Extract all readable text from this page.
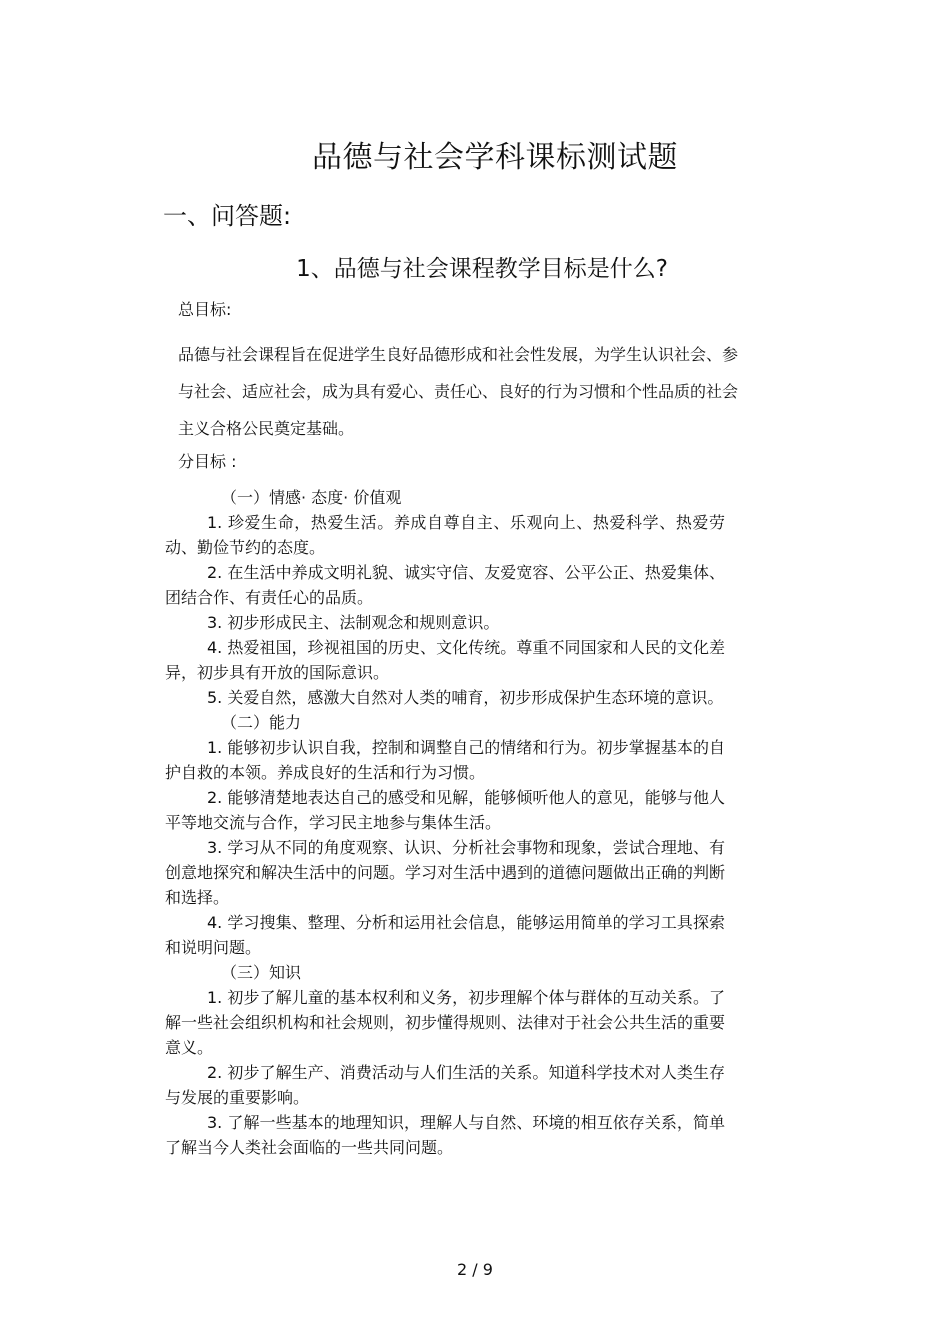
品德与社会学科课标测试题
一、问答题:
1、品德与社会课程教学目标是什么?
总目标:
品德与社会课程旨在促进学生良好品德形成和社会性发展，为学生认识社会、参与社会、适应社会，成为具有爱心、责任心、良好的行为习惯和个性品质的社会主义合格公民奠定基础。
分目标 :

（一）情感· 态度· 价值观

1. 珍爱生命，热爱生活。养成自尊自主、乐观向上、热爱科学、热爱劳动、勤俭节约的态度。

2. 在生活中养成文明礼貌、诚实守信、友爱宽容、公平公正、热爱集体、团结合作、有责任心的品质。

3. 初步形成民主、法制观念和规则意识。

4. 热爱祖国，珍视祖国的历史、文化传统。尊重不同国家和人民的文化差异，初步具有开放的国际意识。

5. 关爱自然，感激大自然对人类的哺育，初步形成保护生态环境的意识。

（二）能力

1. 能够初步认识自我，控制和调整自己的情绪和行为。初步掌握基本的自护自救的本领。养成良好的生活和行为习惯。

2. 能够清楚地表达自己的感受和见解，能够倾听他人的意见，能够与他人平等地交流与合作，学习民主地参与集体生活。

3. 学习从不同的角度观察、认识、分析社会事物和现象，尝试合理地、有创意地探究和解决生活中的问题。学习对生活中遇到的道德问题做出正确的判断和选择。

4. 学习搜集、整理、分析和运用社会信息，能够运用简单的学习工具探索和说明问题。

（三）知识

1. 初步了解儿童的基本权利和义务，初步理解个体与群体的互动关系。了解一些社会组织机构和社会规则，初步懂得规则、法律对于社会公共生活的重要意义。

2. 初步了解生产、消费活动与人们生活的关系。知道科学技术对人类生存与发展的重要影响。

3. 了解一些基本的地理知识，理解人与自然、环境的相互依存关系，简单了解当今人类社会面临的一些共同问题。

2 / 9
